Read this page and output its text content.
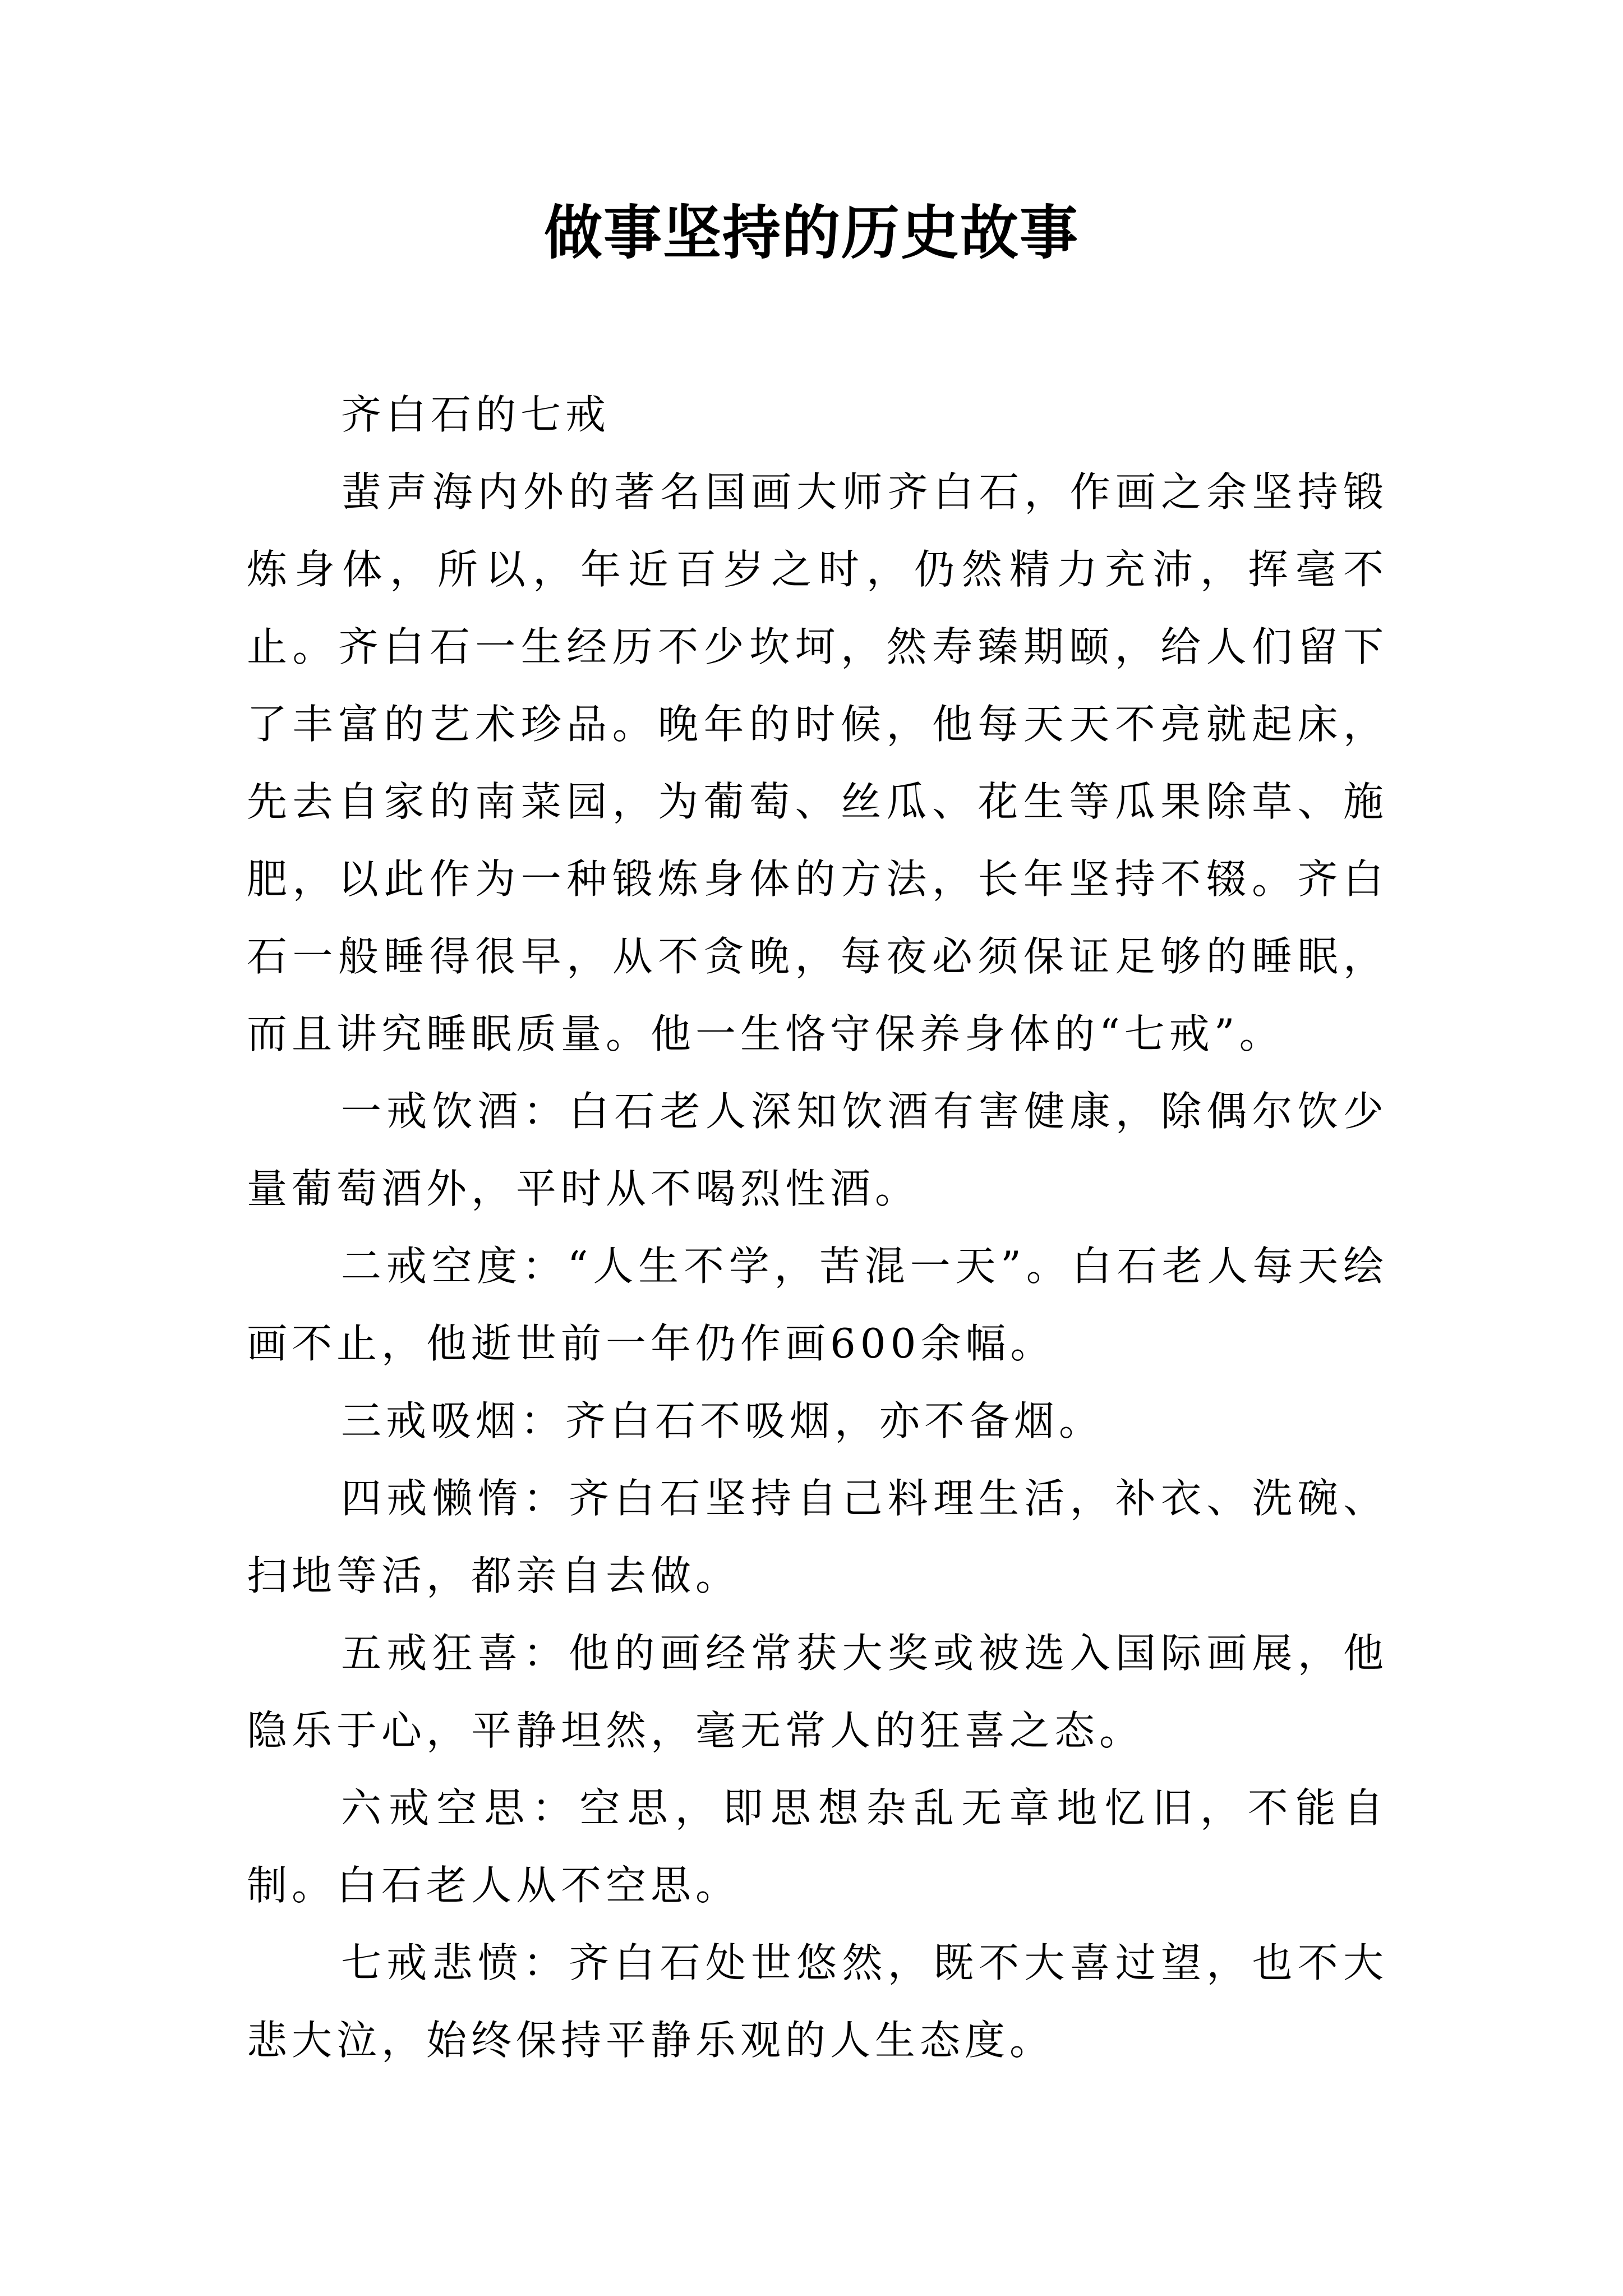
做事坚持的历史故事

齐白石的七戒

蜚声海内外的著名国画大师齐白石，作画之余坚持锻炼身体，所以，年近百岁之时，仍然精力充沛，挥毫不止。齐白石一生经历不少坎坷，然寿臻期颐，给人们留下了丰富的艺术珍品。晚年的时候，他每天天不亮就起床，先去自家的南菜园，为葡萄、丝瓜、花生等瓜果除草、施肥，以此作为一种锻炼身体的方法，长年坚持不辍。齐白石一般睡得很早，从不贪晚，每夜必须保证足够的睡眠，而且讲究睡眠质量。他一生恪守保养身体的“七戒”。

一戒饮酒：白石老人深知饮酒有害健康，除偶尔饮少量葡萄酒外，平时从不喝烈性酒。

二戒空度：“人生不学，苦混一天”。白石老人每天绘画不止，他逝世前一年仍作画600余幅。

三戒吸烟：齐白石不吸烟，亦不备烟。

四戒懒惰：齐白石坚持自己料理生活，补衣、洗碗、扫地等活，都亲自去做。

五戒狂喜：他的画经常获大奖或被选入国际画展，他隐乐于心，平静坦然，毫无常人的狂喜之态。

六戒空思：空思，即思想杂乱无章地忆旧，不能自制。白石老人从不空思。

七戒悲愤：齐白石处世悠然，既不大喜过望，也不大悲大泣，始终保持平静乐观的人生态度。
